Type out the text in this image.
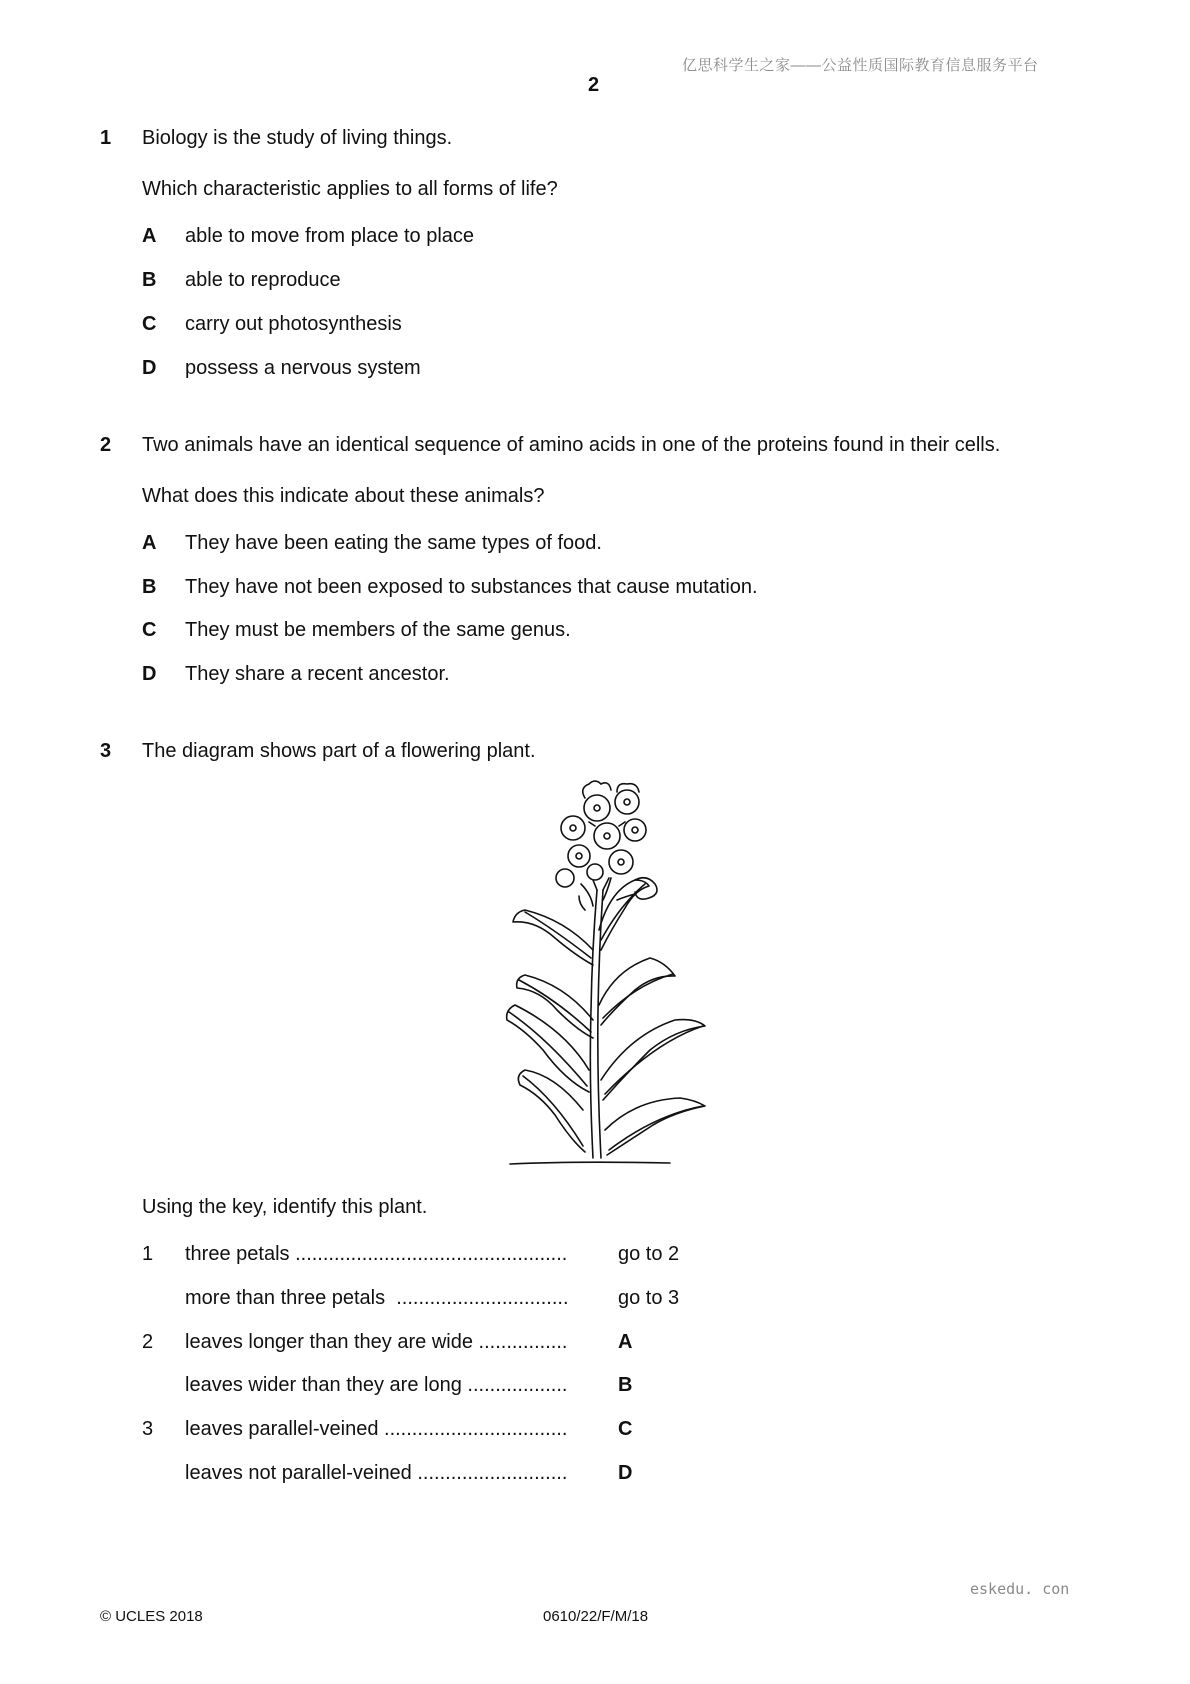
亿思科学生之家——公益性质国际教育信息服务平台
2
1 Biology is the study of living things.
Which characteristic applies to all forms of life?
A able to move from place to place
B able to reproduce
C carry out photosynthesis
D possess a nervous system
2 Two animals have an identical sequence of amino acids in one of the proteins found in their cells.
What does this indicate about these animals?
A They have been eating the same types of food.
B They have not been exposed to substances that cause mutation.
C They must be members of the same genus.
D They share a recent ancestor.
3 The diagram shows part of a flowering plant.
Using the key, identify this plant.
1 three petals .................................................	go to 2
more than three petals ...............................	go to 3
2 leaves longer than they are wide ................	A
leaves wider than they are long ..................	B
3 leaves parallel-veined .................................	C
leaves not parallel-veined ...........................	D
eskedu. con
© UCLES 2018	0610/22/F/M/18
